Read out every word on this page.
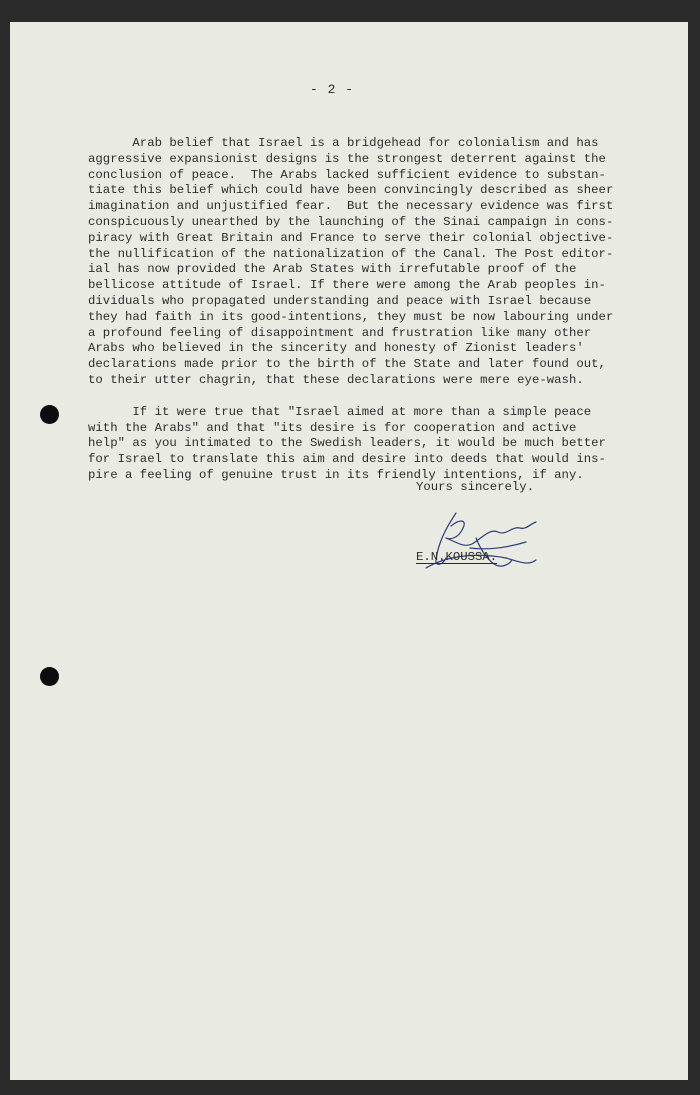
- 2 -
Arab belief that Israel is a bridgehead for colonialism and has
aggressive expansionist designs is the strongest deterrent against the
conclusion of peace.  The Arabs lacked sufficient evidence to substan-
tiate this belief which could have been convincingly described as sheer
imagination and unjustified fear.  But the necessary evidence was first
conspicuously unearthed by the launching of the Sinai campaign in cons-
piracy with Great Britain and France to serve their colonial objective-
the nullification of the nationalization of the Canal. The Post editor-
ial has now provided the Arab States with irrefutable proof of the
bellicose attitude of Israel. If there were among the Arab peoples in-
dividuals who propagated understanding and peace with Israel because
they had faith in its good-intentions, they must be now labouring under
a profound feeling of disappointment and frustration like many other
Arabs who believed in the sincerity and honesty of Zionist leaders'
declarations made prior to the birth of the State and later found out,
to their utter chagrin, that these declarations were mere eye-wash.
If it were true that "Israel aimed at more than a simple peace
with the Arabs" and that "its desire is for cooperation and active
help" as you intimated to the Swedish leaders, it would be much better
for Israel to translate this aim and desire into deeds that would ins-
pire a feeling of genuine trust in its friendly intentions, if any.
Yours sincerely.
E.N.KOUSSA.
